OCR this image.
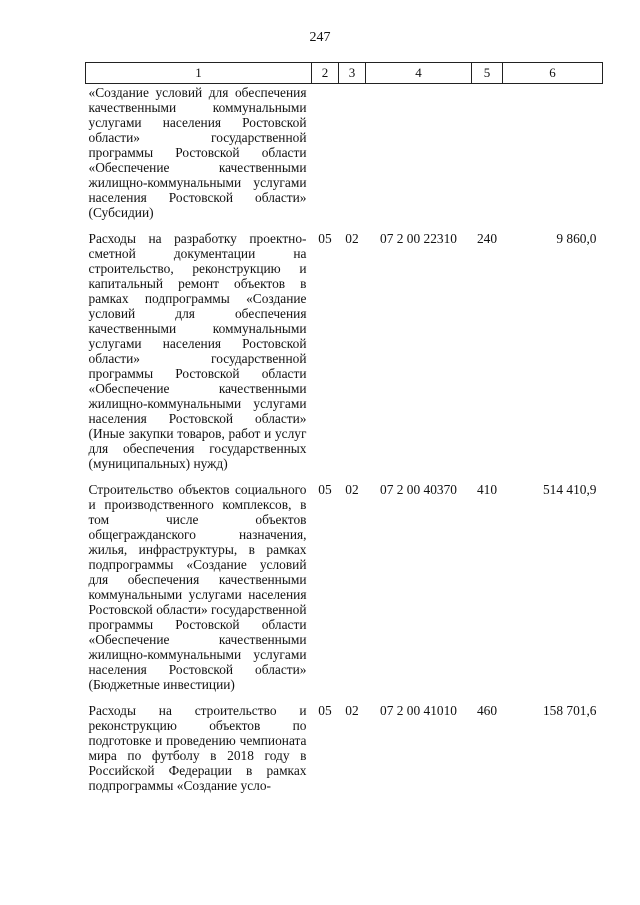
247
1	2	3	4	5	6
«Создание условий для обеспечения качественными коммунальными услугами населения Ростовской области» государственной программы Ростовской области «Обеспечение качественными жилищно-коммунальными услугами населения Ростовской области» (Субсидии)					
Расходы на разработку проектно-сметной документации на строительство, реконструкцию и капитальный ремонт объектов в рамках подпрограммы «Создание условий для обеспечения качественными коммунальными услугами населения Ростовской области» государственной программы Ростовской области «Обеспечение качественными жилищно-коммунальными услугами населения Ростовской области» (Иные закупки товаров, работ и услуг для обеспечения государственных (муниципальных) нужд)	05	02	07 2 00 22310	240	9 860,0
Строительство объектов социального и производственного комплексов, в том числе объектов общегражданского назначения, жилья, инфраструктуры, в рамках подпрограммы «Создание условий для обеспечения качественными коммунальными услугами населения Ростовской области» государственной программы Ростовской области «Обеспечение качественными жилищно-коммунальными услугами населения Ростовской области» (Бюджетные инвестиции)	05	02	07 2 00 40370	410	514 410,9
Расходы на строительство и реконструкцию объектов по подготовке и проведению чемпионата мира по футболу в 2018 году в Российской Федерации в рамках подпрограммы «Создание усло-	05	02	07 2 00 41010	460	158 701,6
